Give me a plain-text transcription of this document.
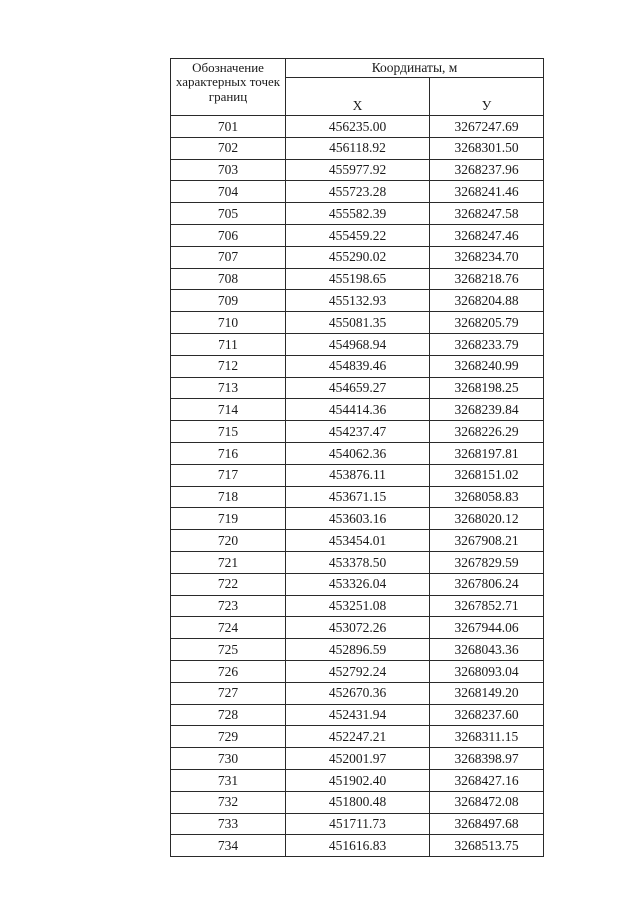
Обозначение характерных точек границ	Координаты, м	
	X	У
701	456235.00	3267247.69
702	456118.92	3268301.50
703	455977.92	3268237.96
704	455723.28	3268241.46
705	455582.39	3268247.58
706	455459.22	3268247.46
707	455290.02	3268234.70
708	455198.65	3268218.76
709	455132.93	3268204.88
710	455081.35	3268205.79
711	454968.94	3268233.79
712	454839.46	3268240.99
713	454659.27	3268198.25
714	454414.36	3268239.84
715	454237.47	3268226.29
716	454062.36	3268197.81
717	453876.11	3268151.02
718	453671.15	3268058.83
719	453603.16	3268020.12
720	453454.01	3267908.21
721	453378.50	3267829.59
722	453326.04	3267806.24
723	453251.08	3267852.71
724	453072.26	3267944.06
725	452896.59	3268043.36
726	452792.24	3268093.04
727	452670.36	3268149.20
728	452431.94	3268237.60
729	452247.21	3268311.15
730	452001.97	3268398.97
731	451902.40	3268427.16
732	451800.48	3268472.08
733	451711.73	3268497.68
734	451616.83	3268513.75
